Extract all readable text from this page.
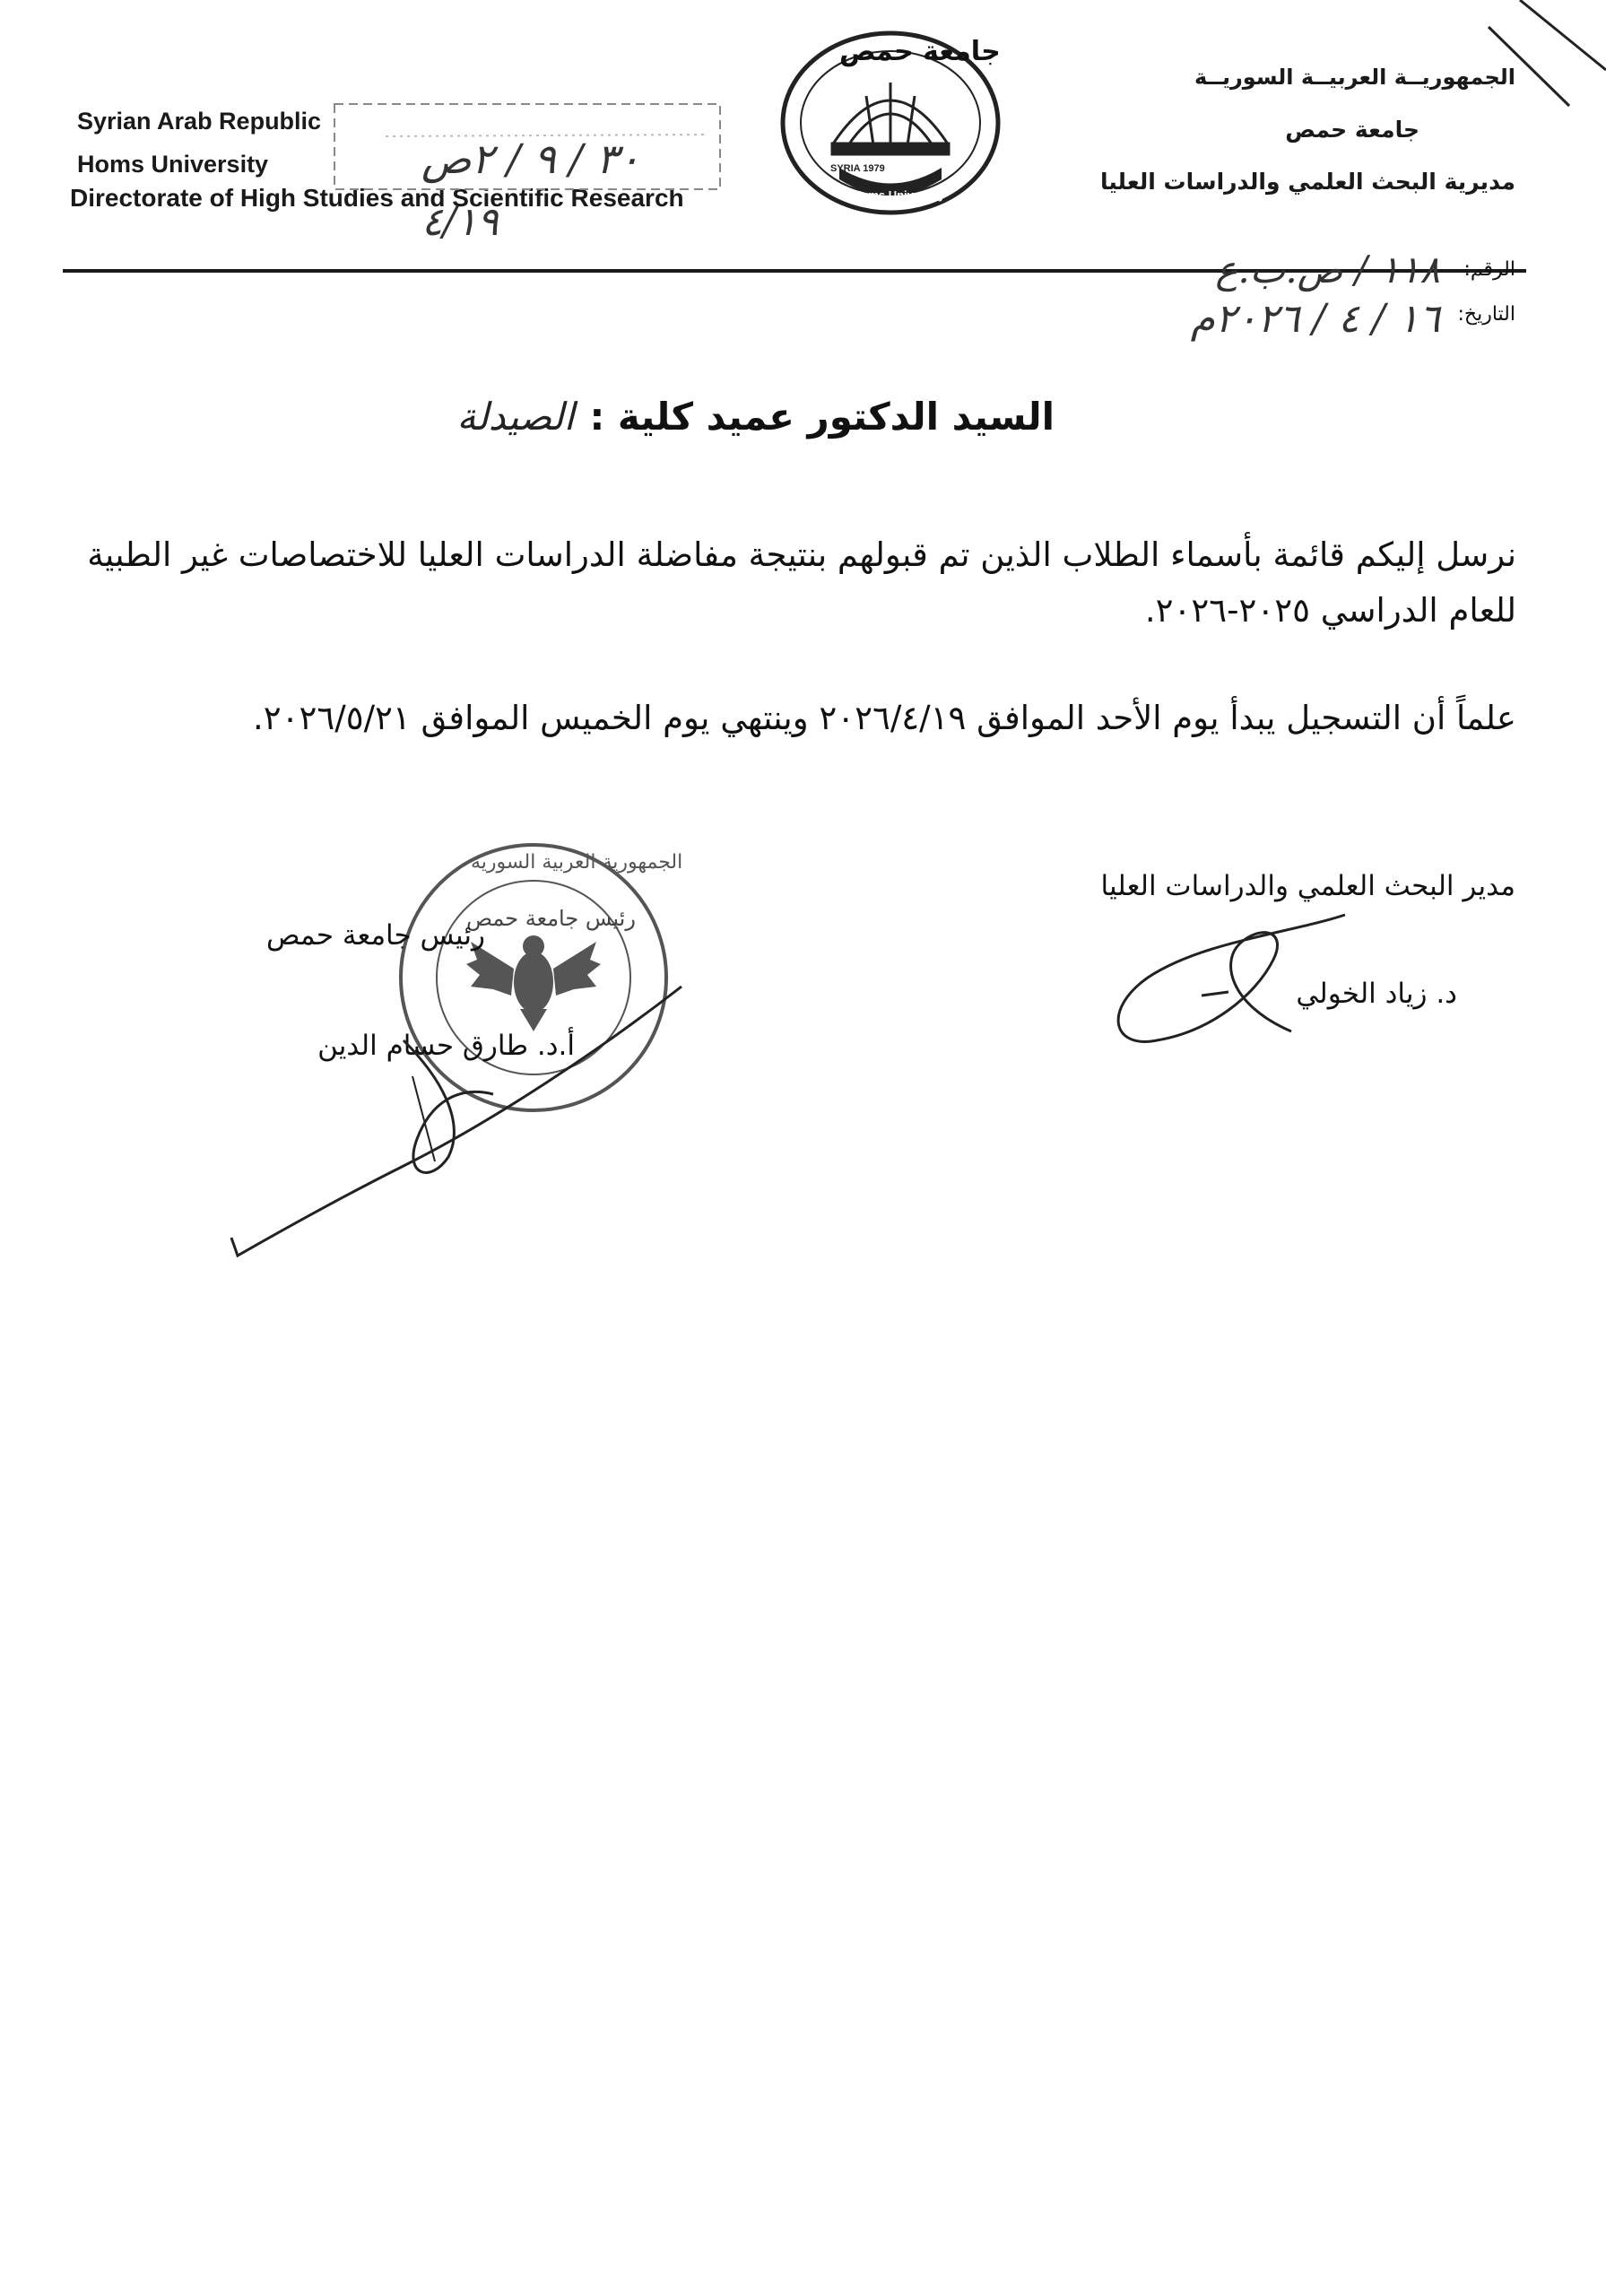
Syrian Arab Republic
Homs University
Directorate of High Studies and Scientific Research
٣٠ / ٩ / ٢ص
٤/١٩
جامعة حمص
SYRIA 1979
Homs University
الجمهوريــة العربيــة السوريــة
جامعة حمص
مديرية البحث العلمي والدراسات العليا
الرقم:
١١٨ / ص.ب.ع
التاريخ:
١٦ / ٤ / ٢٠٢٦م
السيد الدكتور عميد كلية : الصيدلة
نرسل إليكم قائمة بأسماء الطلاب الذين تم قبولهم بنتيجة مفاضلة الدراسات العليا للاختصاصات غير الطبية للعام الدراسي ٢٠٢٥-٢٠٢٦.
علماً أن التسجيل يبدأ يوم الأحد الموافق ٢٠٢٦/٤/١٩ وينتهي يوم الخميس الموافق ٢٠٢٦/٥/٢١.
مدير البحث العلمي والدراسات العليا
د. زياد الخولي
الجمهورية العربية السورية
رئيس جامعة حمص
رئيس جامعة حمص
أ.د. طارق حسام الدين
